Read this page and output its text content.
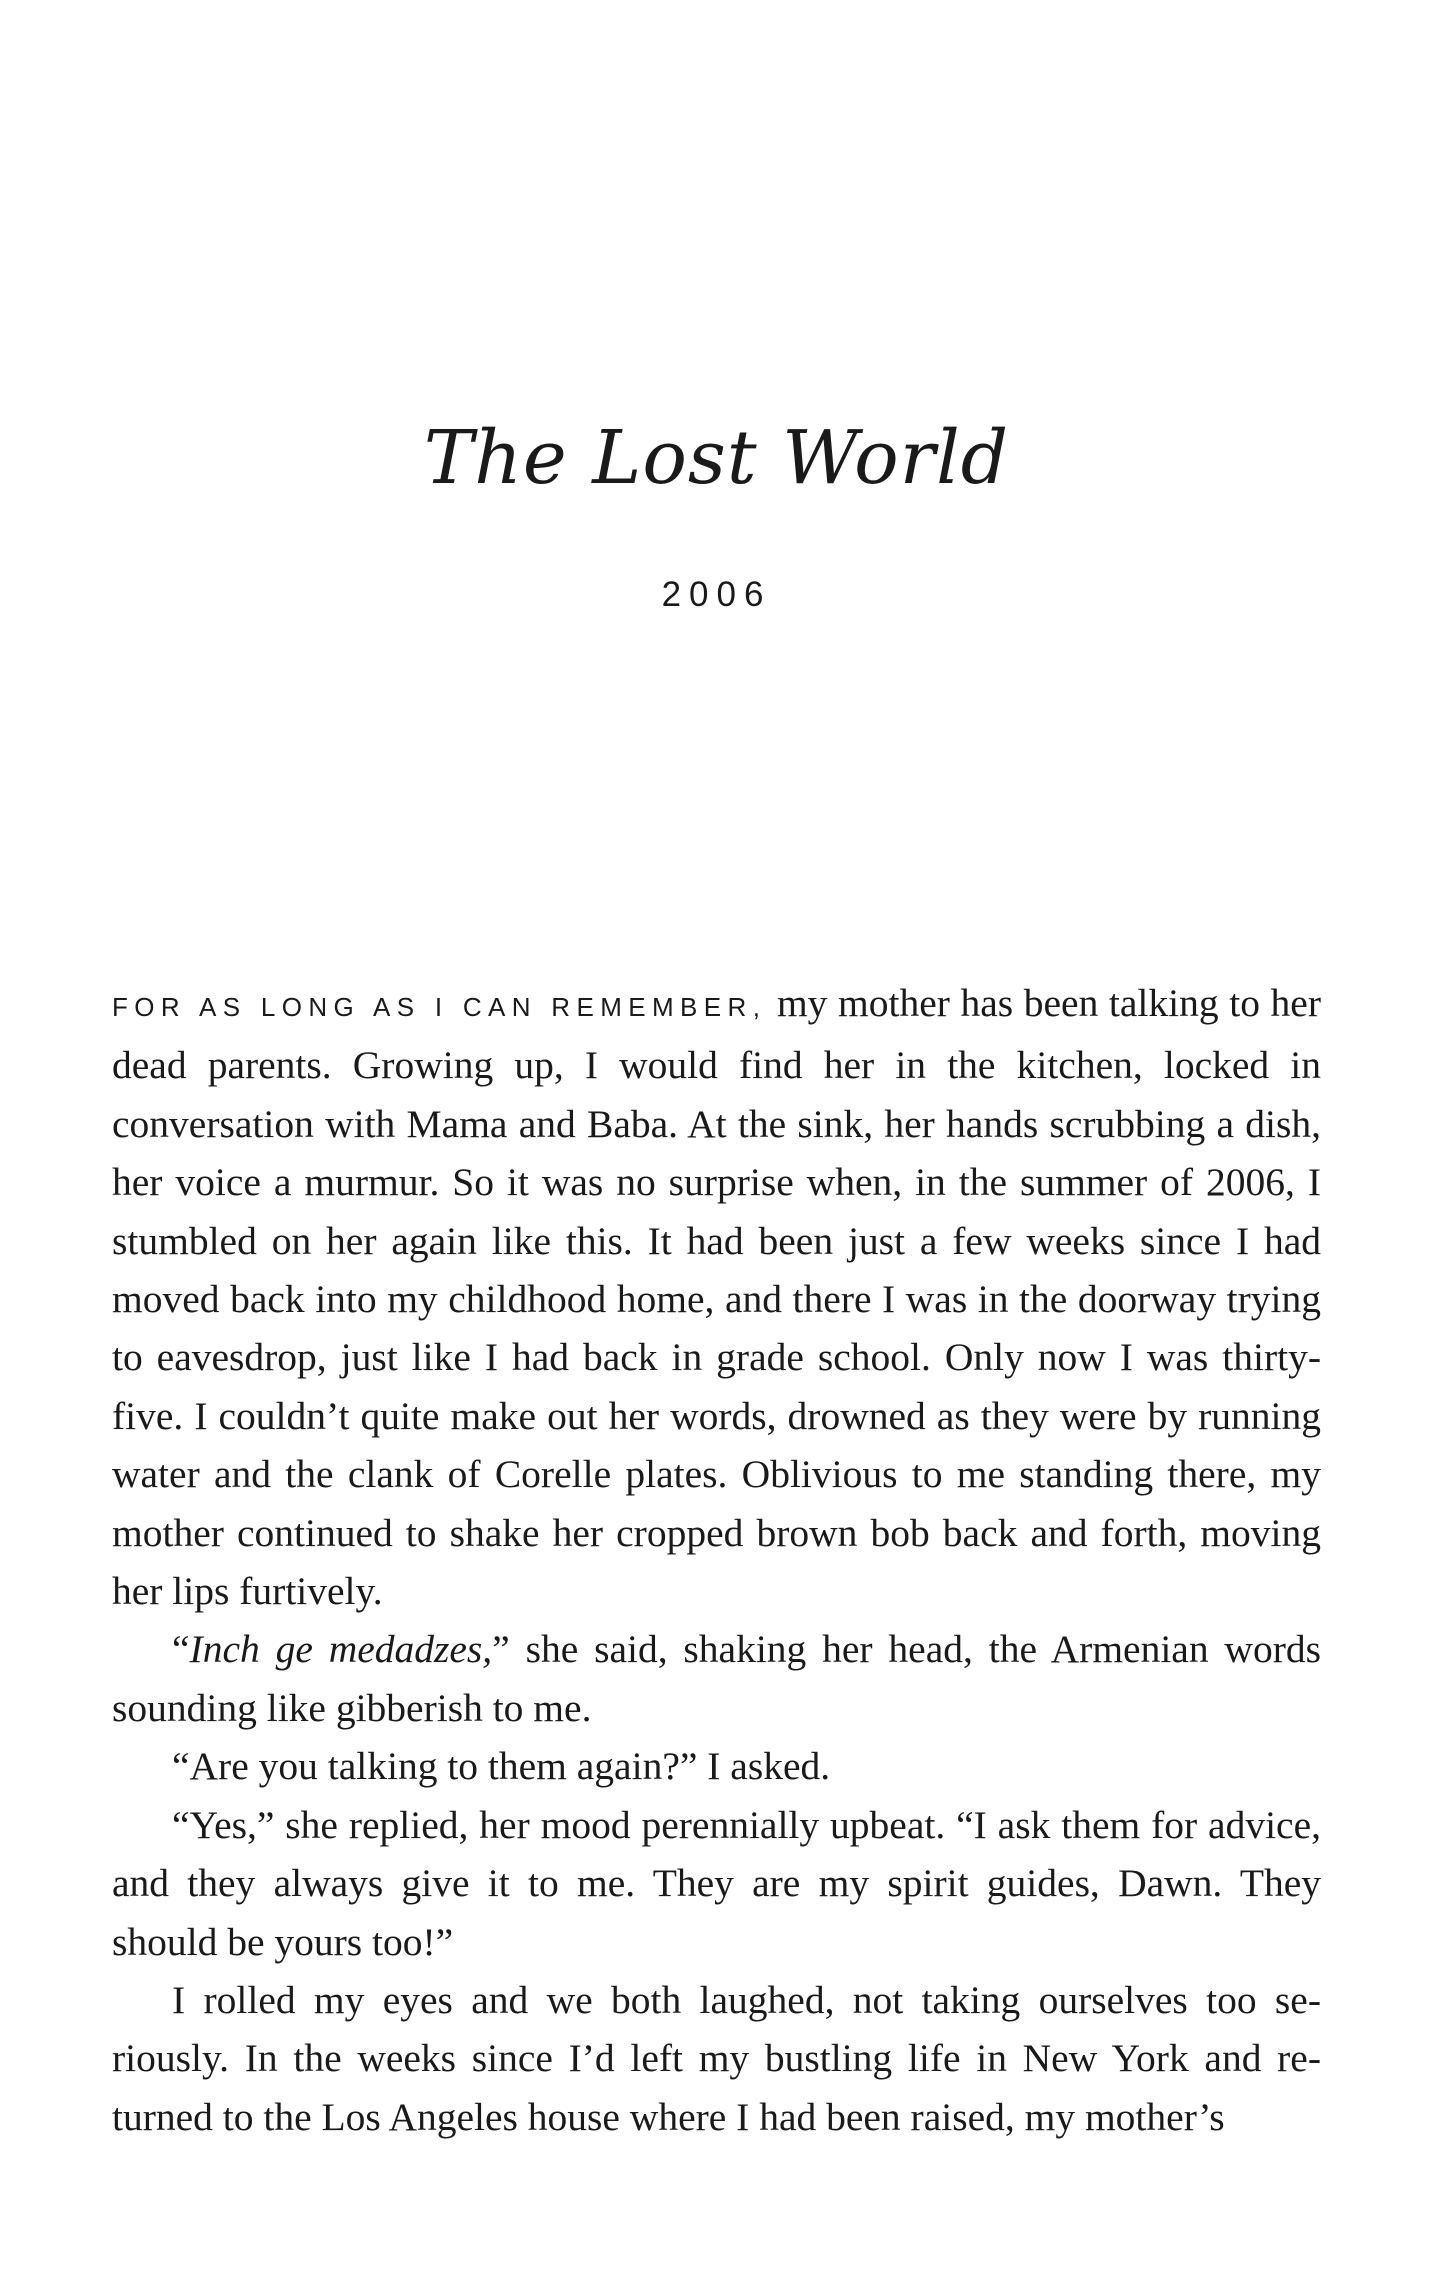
The Lost World
2006

FOR AS LONG AS I CAN REMEMBER, my mother has been talking to her dead parents. Growing up, I would find her in the kitchen, locked in conversation with Mama and Baba. At the sink, her hands scrubbing a dish, her voice a murmur. So it was no surprise when, in the summer of 2006, I stumbled on her again like this. It had been just a few weeks since I had moved back into my childhood home, and there I was in the doorway trying to eavesdrop, just like I had back in grade school. Only now I was thirty-five. I couldn’t quite make out her words, drowned as they were by running water and the clank of Corelle plates. Oblivious to me standing there, my mother continued to shake her cropped brown bob back and forth, moving her lips furtively.

“Inch ge medadzes,” she said, shaking her head, the Armenian words sounding like gibberish to me.

“Are you talking to them again?” I asked.

“Yes,” she replied, her mood perennially upbeat. “I ask them for advice, and they always give it to me. They are my spirit guides, Dawn. They should be yours too!”

I rolled my eyes and we both laughed, not taking ourselves too seriously. In the weeks since I’d left my bustling life in New York and returned to the Los Angeles house where I had been raised, my mother’s
